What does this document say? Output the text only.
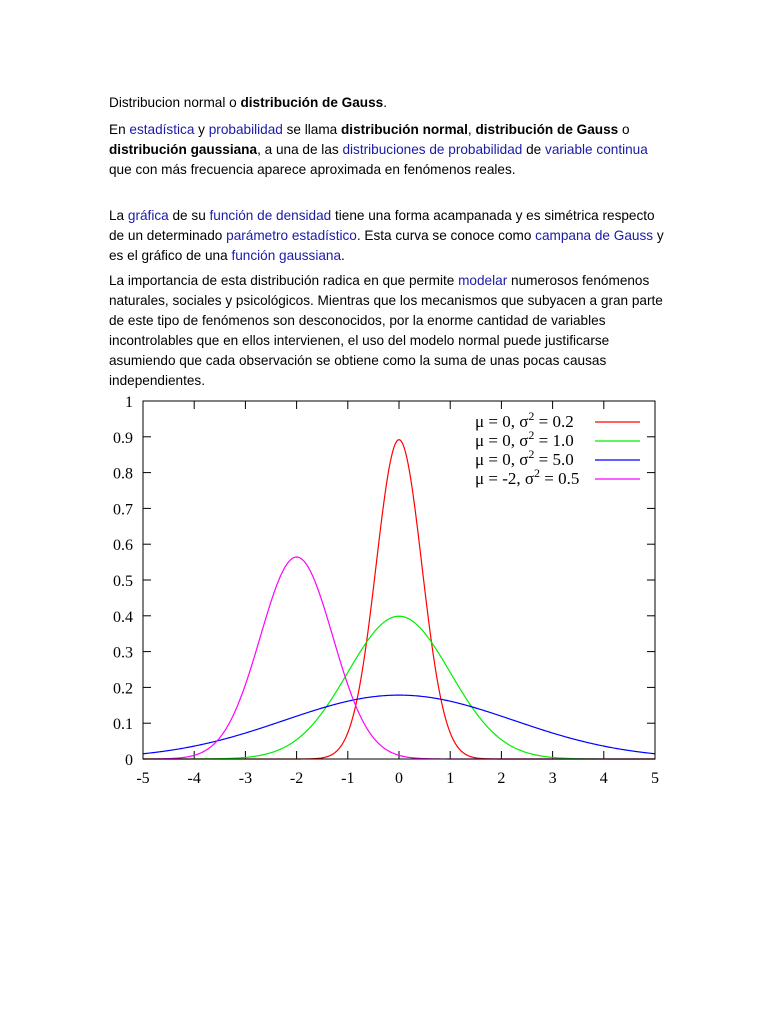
Distribucion normal o distribución de Gauss.
En estadística y probabilidad se llama distribución normal, distribución de Gauss o distribución gaussiana, a una de las distribuciones de probabilidad de variable continua que con más frecuencia aparece aproximada en fenómenos reales.
La gráfica de su función de densidad tiene una forma acampanada y es simétrica respecto de un determinado parámetro estadístico. Esta curva se conoce como campana de Gauss y es el gráfico de una función gaussiana.
La importancia de esta distribución radica en que permite modelar numerosos fenómenos naturales, sociales y psicológicos. Mientras que los mecanismos que subyacen a gran parte de este tipo de fenómenos son desconocidos, por la enorme cantidad de variables incontrolables que en ellos intervienen, el uso del modelo normal puede justificarse asumiendo que cada observación se obtiene como la suma de unas pocas causas independientes.
0
0.1
0.2
0.3
0.4
0.5
0.6
0.7
0.8
0.9
1
-5 -4 -3 -2 -1	0	1	2	3	4	5
μ = 0, $\sigma^2 = 0.2$
μ = 0, $\sigma^2 = 1.0$
μ = 0, $\sigma^2 = 5.0$
μ = -2, $\sigma^2 = 0.5$
